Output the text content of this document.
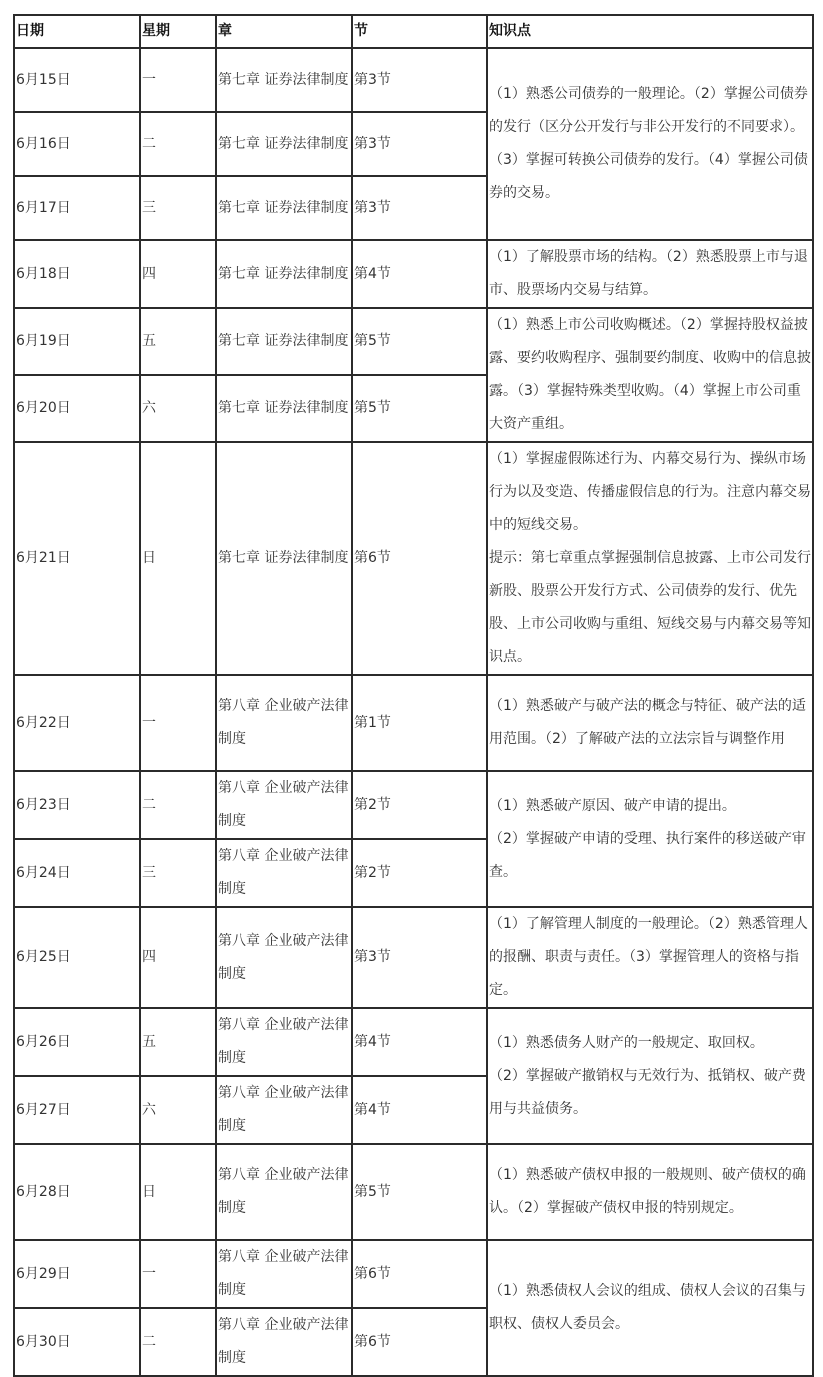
日期	星期	章	节	知识点
6月15日	一	第七章 证券法律制度	第3节	（1）熟悉公司债券的一般理论。（2）掌握公司债券的发行（区分公开发行与非公开发行的不同要求）。（3）掌握可转换公司债券的发行。（4）掌握公司债券的交易。

6月16日	二	第七章 证券法律制度	第3节	
6月17日	三	第七章 证券法律制度	第3节	
6月18日	四	第七章 证券法律制度	第4节	（1）了解股票市场的结构。（2）熟悉股票上市与退市、股票场内交易与结算。

6月19日	五	第七章 证券法律制度	第5节	（1）熟悉上市公司收购概述。（2）掌握持股权益披露、要约收购程序、强制要约制度、收购中的信息披露。（3）掌握特殊类型收购。（4）掌握上市公司重大资产重组。

6月20日	六	第七章 证券法律制度	第5节	
6月21日	日	第七章 证券法律制度	第6节	（1）掌握虚假陈述行为、内幕交易行为、操纵市场行为以及变造、传播虚假信息的行为。注意内幕交易中的短线交易。

提示：第七章重点掌握强制信息披露、上市公司发行新股、股票公开发行方式、公司债券的发行、优先股、上市公司收购与重组、短线交易与内幕交易等知识点。

6月22日	一	第八章 企业破产法律制度	第1节	（1）熟悉破产与破产法的概念与特征、破产法的适用范围。（2）了解破产法的立法宗旨与调整作用

6月23日	二	第八章 企业破产法律制度	第2节	（1）熟悉破产原因、破产申请的提出。

（2）掌握破产申请的受理、执行案件的移送破产审查。

6月24日	三	第八章 企业破产法律制度	第2节	
6月25日	四	第八章 企业破产法律制度	第3节	（1）了解管理人制度的一般理论。（2）熟悉管理人的报酬、职责与责任。（3）掌握管理人的资格与指定。

6月26日	五	第八章 企业破产法律制度	第4节	（1）熟悉债务人财产的一般规定、取回权。

（2）掌握破产撤销权与无效行为、抵销权、破产费用与共益债务。

6月27日	六	第八章 企业破产法律制度	第4节	
6月28日	日	第八章 企业破产法律制度	第5节	（1）熟悉破产债权申报的一般规则、破产债权的确认。（2）掌握破产债权申报的特别规定。

6月29日	一	第八章 企业破产法律制度	第6节	（1）熟悉债权人会议的组成、债权人会议的召集与职权、债权人委员会。

6月30日	二	第八章 企业破产法律制度	第6节	
